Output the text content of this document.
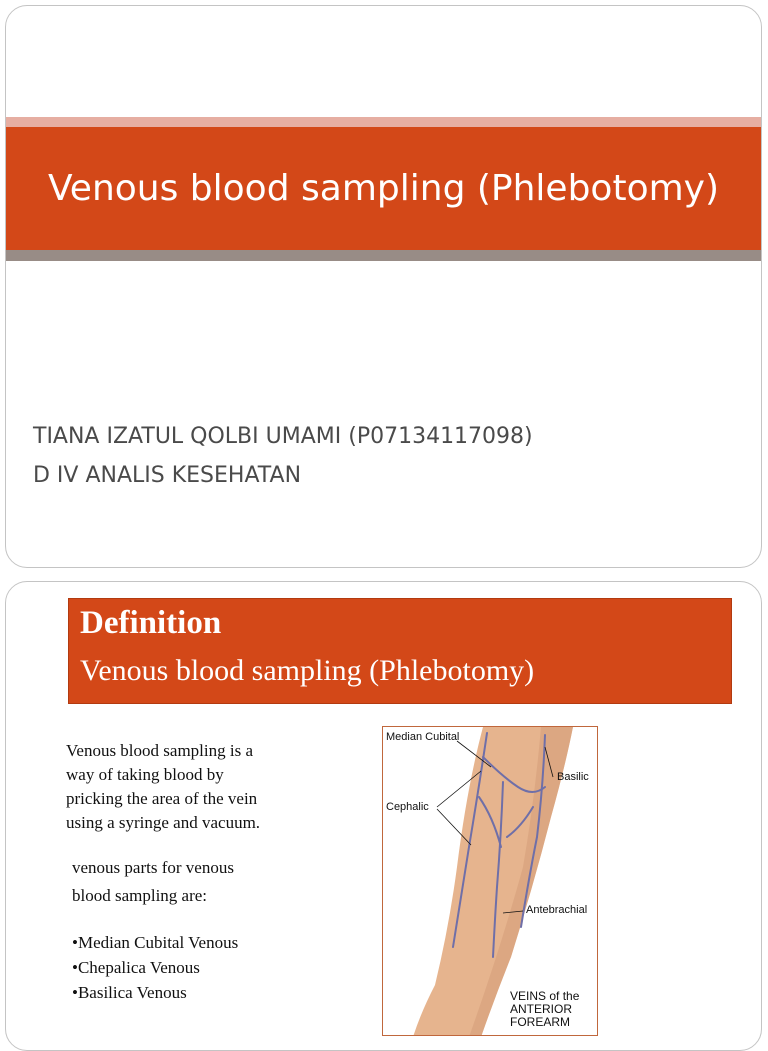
Venous blood sampling (Phlebotomy)
TIANA IZATUL QOLBI UMAMI (P07134117098)
D IV ANALIS KESEHATAN
Definition
Venous blood sampling (Phlebotomy)
Venous blood sampling is a
way of taking blood by
pricking the area of the vein
using a syringe and vacuum.
venous parts for venous
blood sampling are:
•Median Cubital Venous
•Chepalica Venous
•Basilica Venous
Median Cubital
Basilic
Cephalic
Antebrachial
VEINS of the
ANTERIOR
FOREARM
